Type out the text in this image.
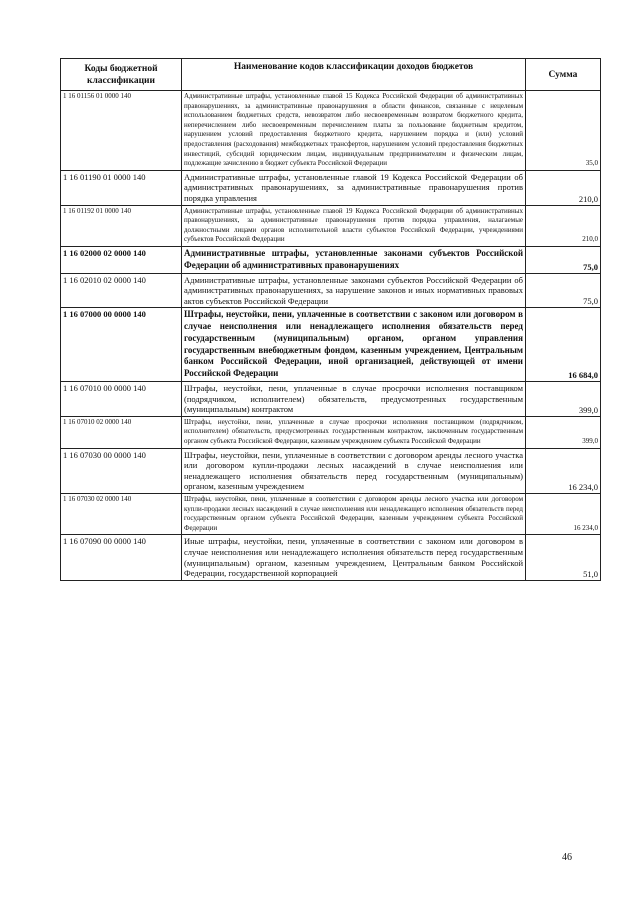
Коды бюджетной классификации	Наименование кодов классификации доходов бюджетов	Сумма
1 16 01156 01 0000 140	Административные штрафы, установленные главой 15 Кодекса Российской Федерации об административных правонарушениях, за административные правонарушения в области финансов, связанные с нецелевым использованием бюджетных средств, невозвратом либо несвоевременным возвратом бюджетного кредита, неперечислением либо несвоевременным перечислением платы за пользование бюджетным кредитом, нарушением условий предоставления бюджетного кредита, нарушением порядка и (или) условий предоставления (расходования) межбюджетных трансфертов, нарушением условий предоставления бюджетных инвестиций, субсидий юридическим лицам, индивидуальным предпринимателям и физическим лицам, подлежащие зачислению в бюджет субъекта Российской Федерации	35,0
1 16 01190 01 0000 140	Административные штрафы, установленные главой 19 Кодекса Российской Федерации об административных правонарушениях, за административные правонарушения против порядка управления	210,0
1 16 01192 01 0000 140	Административные штрафы, установленные главой 19 Кодекса Российской Федерации об административных правонарушениях, за административные правонарушения против порядка управления, налагаемые должностными лицами органов исполнительной власти субъектов Российской Федерации, учреждениями субъектов Российской Федерации	210,0
1 16 02000 02 0000 140	Административные штрафы, установленные законами субъектов Российской Федерации об административных правонарушениях	75,0
1 16 02010 02 0000 140	Административные штрафы, установленные законами субъектов Российской Федерации об административных правонарушениях, за нарушение законов и иных нормативных правовых актов субъектов Российской Федерации	75,0
1 16 07000 00 0000 140	Штрафы, неустойки, пени, уплаченные в соответствии с законом или договором в случае неисполнения или ненадлежащего исполнения обязательств перед государственным (муниципальным) органом, органом управления государственным внебюджетным фондом, казенным учреждением, Центральным банком Российской Федерации, иной организацией, действующей от имени Российской Федерации	16 684,0
1 16 07010 00 0000 140	Штрафы, неустойки, пени, уплаченные в случае просрочки исполнения поставщиком (подрядчиком, исполнителем) обязательств, предусмотренных государственным (муниципальным) контрактом	399,0
1 16 07010 02 0000 140	Штрафы, неустойки, пени, уплаченные в случае просрочки исполнения поставщиком (подрядчиком, исполнителем) обязательств, предусмотренных государственным контрактом, заключенным государственным органом субъекта Российской Федерации, казенным учреждением субъекта Российской Федерации	399,0
1 16 07030 00 0000 140	Штрафы, неустойки, пени, уплаченные в соответствии с договором аренды лесного участка или договором купли-продажи лесных насаждений в случае неисполнения или ненадлежащего исполнения обязательств перед государственным (муниципальным) органом, казенным учреждением	16 234,0
1 16 07030 02 0000 140	Штрафы, неустойки, пени, уплаченные в соответствии с договором аренды лесного участка или договором купли-продажи лесных насаждений в случае неисполнения или ненадлежащего исполнения обязательств перед государственным органом субъекта Российской Федерации, казенным учреждением субъекта Российской Федерации	16 234,0
1 16 07090 00 0000 140	Иные штрафы, неустойки, пени, уплаченные в соответствии с законом или договором в случае неисполнения или ненадлежащего исполнения обязательств перед государственным (муниципальным) органом, казенным учреждением, Центральным банком Российской Федерации, государственной корпорацией	51,0
46
